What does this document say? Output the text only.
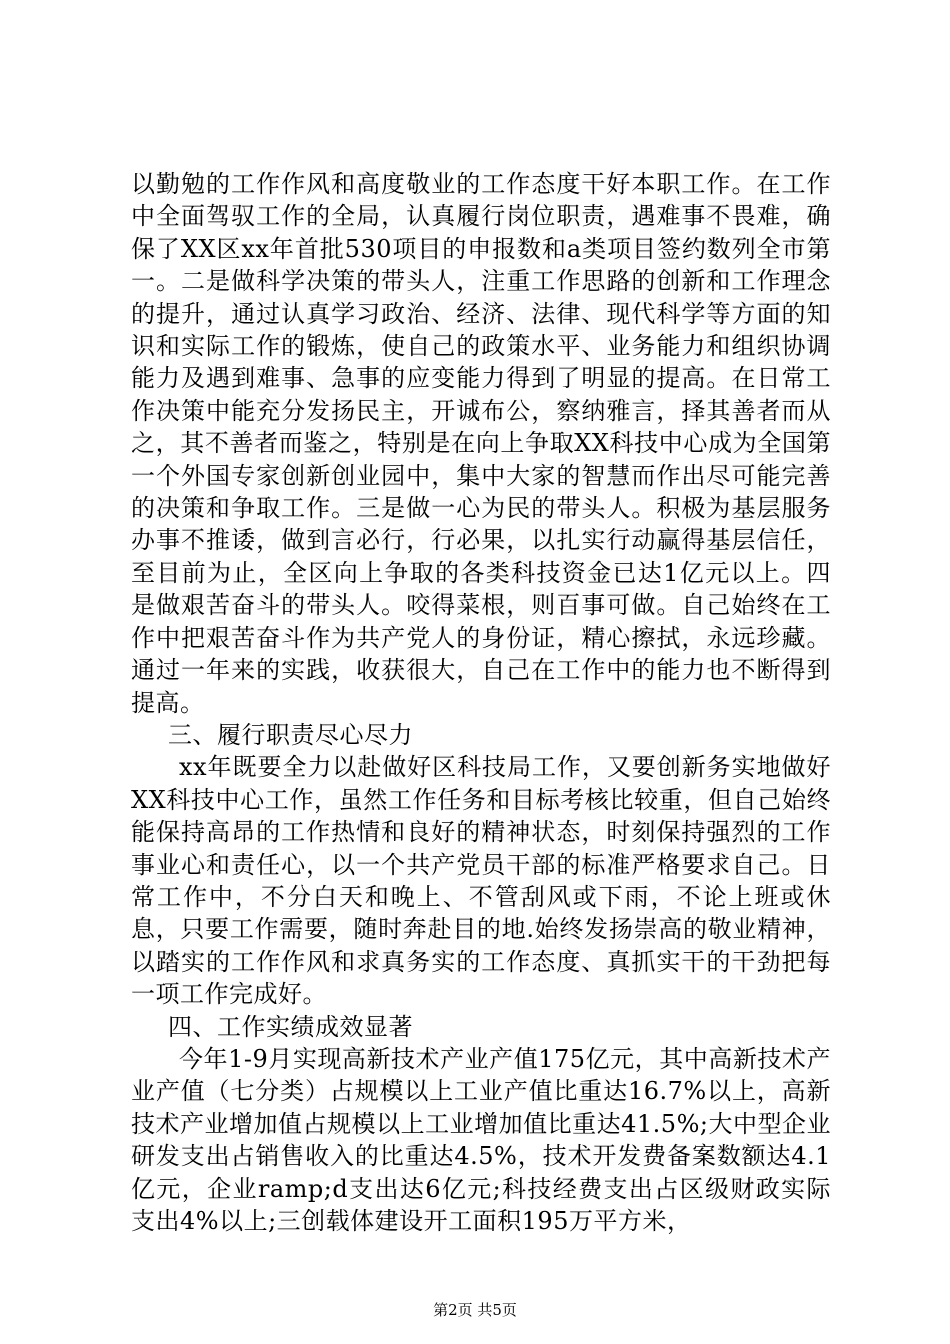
以勤勉的工作作风和高度敬业的工作态度干好本职工作。在工作中全面驾驭工作的全局，认真履行岗位职责，遇难事不畏难，确保了XX区xx年首批530项目的申报数和a类项目签约数列全市第一。二是做科学决策的带头人，注重工作思路的创新和工作理念的提升，通过认真学习政治、经济、法律、现代科学等方面的知识和实际工作的锻炼，使自己的政策水平、业务能力和组织协调能力及遇到难事、急事的应变能力得到了明显的提高。在日常工作决策中能充分发扬民主，开诚布公，察纳雅言，择其善者而从之，其不善者而鉴之，特别是在向上争取XX科技中心成为全国第一个外国专家创新创业园中，集中大家的智慧而作出尽可能完善的决策和争取工作。三是做一心为民的带头人。积极为基层服务办事不推诿，做到言必行，行必果，以扎实行动赢得基层信任，至目前为止，全区向上争取的各类科技资金已达1亿元以上。四是做艰苦奋斗的带头人。咬得菜根，则百事可做。自己始终在工作中把艰苦奋斗作为共产党人的身份证，精心擦拭，永远珍藏。通过一年来的实践，收获很大，自己在工作中的能力也不断得到提高。

三、履行职责尽心尽力

xx年既要全力以赴做好区科技局工作，又要创新务实地做好XX科技中心工作，虽然工作任务和目标考核比较重，但自己始终能保持高昂的工作热情和良好的精神状态，时刻保持强烈的工作事业心和责任心，以一个共产党员干部的标准严格要求自己。日常工作中，不分白天和晚上、不管刮风或下雨，不论上班或休息，只要工作需要，随时奔赴目的地.始终发扬崇高的敬业精神，以踏实的工作作风和求真务实的工作态度、真抓实干的干劲把每一项工作完成好。

四、工作实绩成效显著

今年1-9月实现高新技术产业产值175亿元，其中高新技术产业产值（七分类）占规模以上工业产值比重达16.7%以上，高新技术产业增加值占规模以上工业增加值比重达41.5%;大中型企业研发支出占销售收入的比重达4.5%，技术开发费备案数额达4.1亿元，企业ramp;d支出达6亿元;科技经费支出占区级财政实际支出4%以上;三创载体建设开工面积195万平方米，

第2页 共5页
